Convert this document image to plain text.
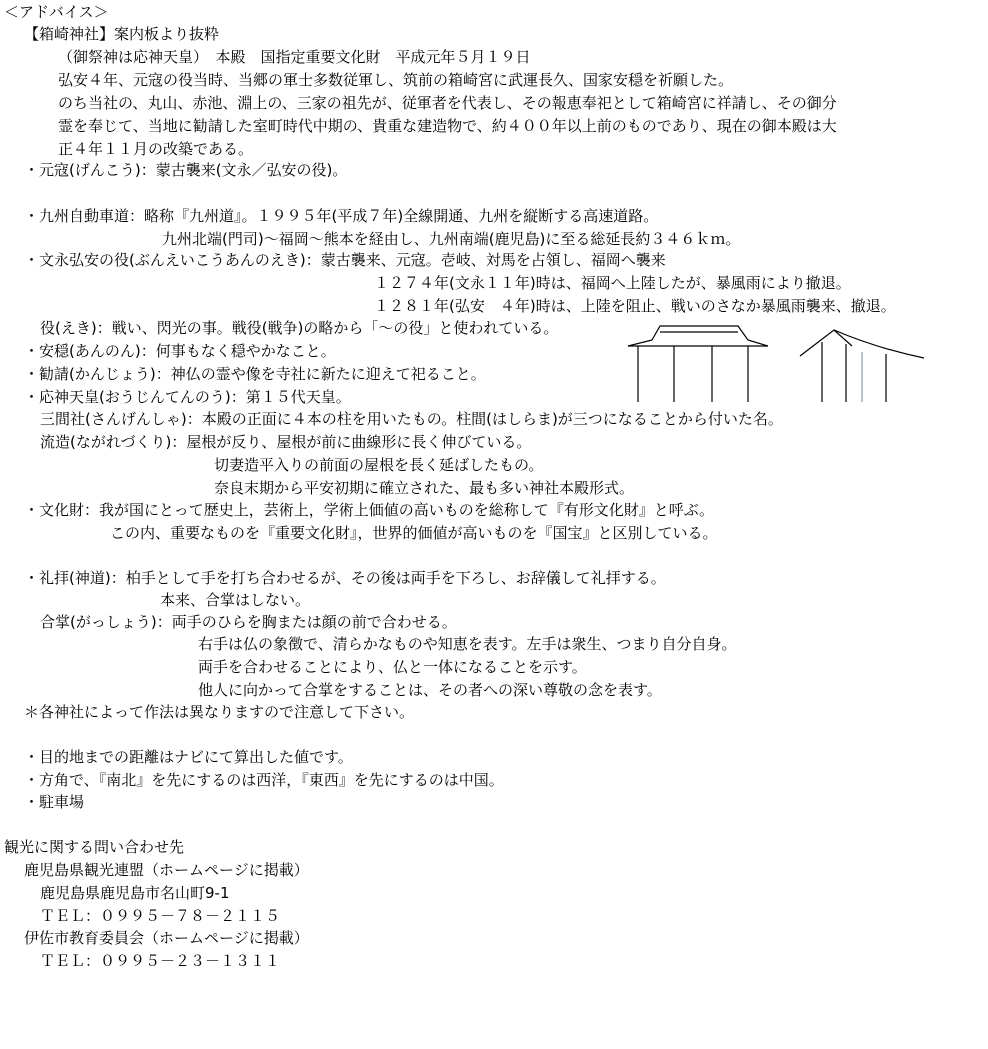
＜アドバイス＞

【箱崎神社】案内板より抜粋

（御祭神は応神天皇）　本殿　国指定重要文化財　平成元年５月１９日

弘安４年、元寇の役当時、当郷の軍士多数従軍し、筑前の箱崎宮に武運長久、国家安穏を祈願した。

のち当社の、丸山、赤池、淵上の、三家の祖先が、従軍者を代表し、その報恵奉祀として箱崎宮に祥請し、その御分

霊を奉じて、当地に勧請した室町時代中期の、貴重な建造物で、約４００年以上前のものであり、現在の御本殿は大

正４年１１月の改築である。

・元寇(げんこう)：蒙古襲来(文永／弘安の役)。

・九州自動車道：略称『九州道』。１９９５年(平成７年)全線開通、九州を縦断する高速道路。

九州北端(門司)～福岡～熊本を経由し、九州南端(鹿児島)に至る総延長約３４６ｋｍ。

・文永弘安の役(ぶんえいこうあんのえき)：蒙古襲来、元寇。壱岐、対馬を占領し、福岡へ襲来

１２７４年(文永１１年)時は、福岡へ上陸したが、暴風雨により撤退。

１２８１年(弘安　４年)時は、上陸を阻止、戦いのさなか暴風雨襲来、撤退。

役(えき)：戦い、閃光の事。戦役(戦争)の略から「～の役」と使われている。

・安穏(あんのん)：何事もなく穏やかなこと。

・勧請(かんじょう)：神仏の霊や像を寺社に新たに迎えて祀ること。

・応神天皇(おうじんてんのう)：第１５代天皇。

三間社(さんげんしゃ)：本殿の正面に４本の柱を用いたもの。柱間(はしらま)が三つになることから付いた名。

流造(ながれづくり)：屋根が反り、屋根が前に曲線形に長く伸びている。

切妻造平入りの前面の屋根を長く延ばしたもの。

奈良末期から平安初期に確立された、最も多い神社本殿形式。

・文化財：我が国にとって歴史上，芸術上，学術上価値の高いものを総称して『有形文化財』と呼ぶ。

この内、重要なものを『重要文化財』，世界的価値が高いものを『国宝』と区別している。

・礼拝(神道)：柏手として手を打ち合わせるが、その後は両手を下ろし、お辞儀して礼拝する。

本来、合掌はしない。

合掌(がっしょう)：両手のひらを胸または顔の前で合わせる。

右手は仏の象徴で、清らかなものや知恵を表す。左手は衆生、つまり自分自身。

両手を合わせることにより、仏と一体になることを示す。

他人に向かって合掌をすることは、その者への深い尊敬の念を表す。

＊各神社によって作法は異なりますので注意して下さい。

・目的地までの距離はナビにて算出した値です。

・方角で、『南北』を先にするのは西洋，『東西』を先にするのは中国。

・駐車場

観光に関する問い合わせ先

鹿児島県観光連盟（ホームページに掲載）

鹿児島県鹿児島市名山町9-1

ＴＥＬ：０９９５－７８－２１１５

伊佐市教育委員会（ホームページに掲載）

ＴＥＬ：０９９５－２３－１３１１
